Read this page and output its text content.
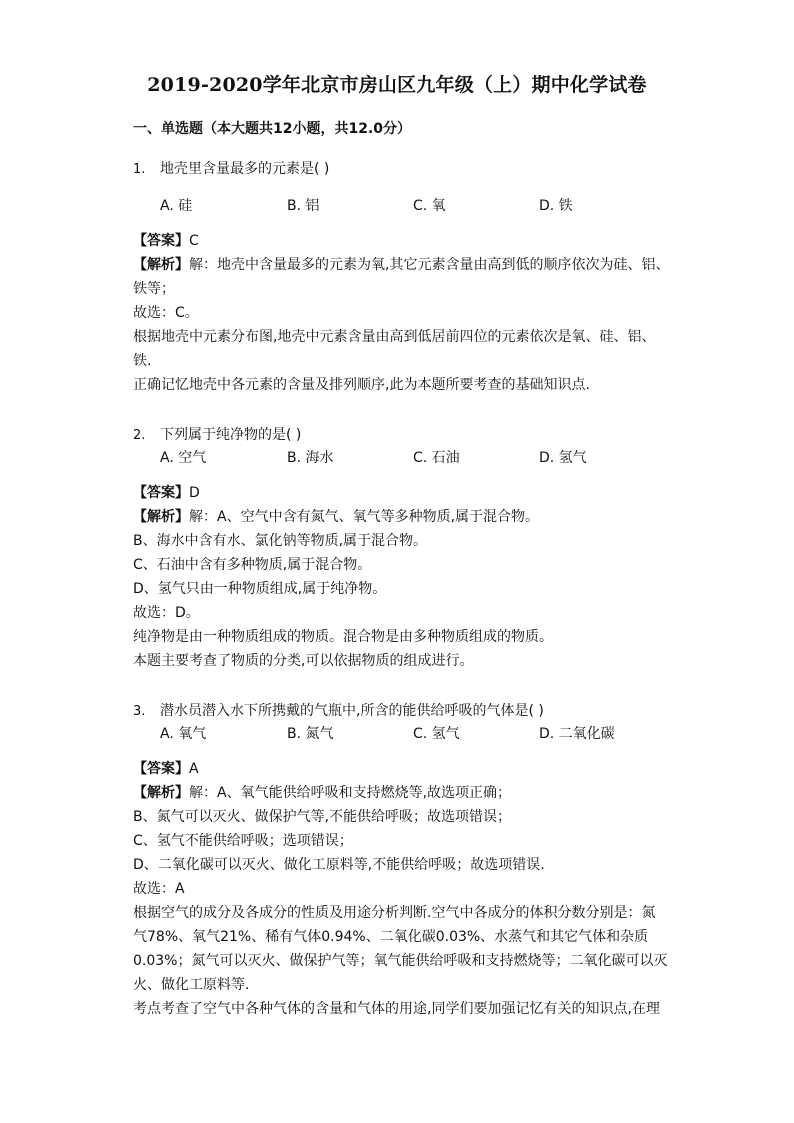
2019-2020学年北京市房山区九年级（上）期中化学试卷
一、单选题（本大题共12小题，共12.0分）
1. 地壳里含量最多的元素是( )
A. 硅	B. 铝	C. 氧	D. 铁
【答案】C
【解析】解：地壳中含量最多的元素为氧,其它元素含量由高到低的顺序依次为硅、铝、
铁等；
故选：C。
根据地壳中元素分布图,地壳中元素含量由高到低居前四位的元素依次是氧、硅、铝、
铁.
正确记忆地壳中各元素的含量及排列顺序,此为本题所要考查的基础知识点.
2. 下列属于纯净物的是( )
A. 空气	B. 海水	C. 石油	D. 氢气
【答案】D
【解析】解：A、空气中含有氮气、氧气等多种物质,属于混合物。
B、海水中含有水、氯化钠等物质,属于混合物。
C、石油中含有多种物质,属于混合物。
D、氢气只由一种物质组成,属于纯净物。
故选：D。
纯净物是由一种物质组成的物质。混合物是由多种物质组成的物质。
本题主要考查了物质的分类,可以依据物质的组成进行。
3. 潜水员潜入水下所携戴的气瓶中,所含的能供给呼吸的气体是( )
A. 氧气	B. 氮气	C. 氢气	D. 二氧化碳
【答案】A
【解析】解：A、氧气能供给呼吸和支持燃烧等,故选项正确；
B、氮气可以灭火、做保护气等,不能供给呼吸；故选项错误；
C、氢气不能供给呼吸；选项错误；
D、二氧化碳可以灭火、做化工原料等,不能供给呼吸；故选项错误.
故选：A
根据空气的成分及各成分的性质及用途分析判断.空气中各成分的体积分数分别是：氮
气78%、氧气21%、稀有气体0.94%、二氧化碳0.03%、水蒸气和其它气体和杂质
0.03%；氮气可以灭火、做保护气等；氧气能供给呼吸和支持燃烧等；二氧化碳可以灭
火、做化工原料等.
考点考查了空气中各种气体的含量和气体的用途,同学们要加强记忆有关的知识点,在理
